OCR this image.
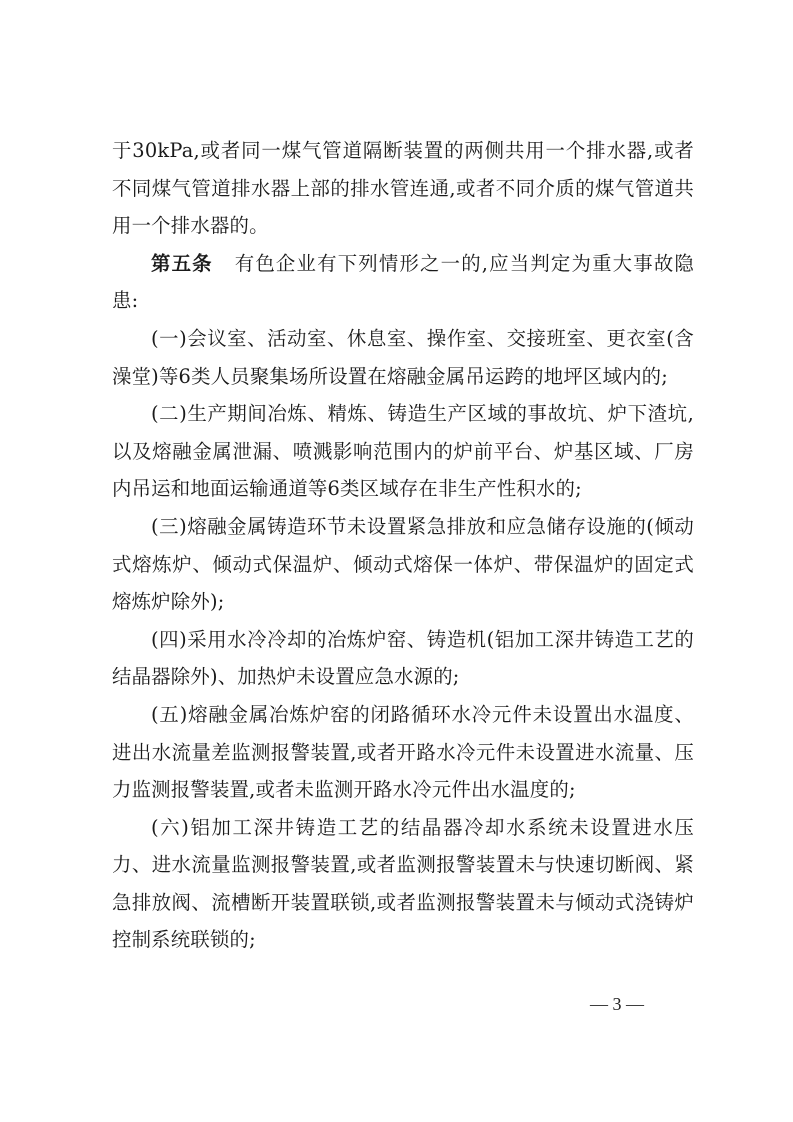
于30kPa,或者同一煤气管道隔断装置的两侧共用一个排水器,或者不同煤气管道排水器上部的排水管连通,或者不同介质的煤气管道共用一个排水器的。

第五条 有色企业有下列情形之一的,应当判定为重大事故隐患:

(一)会议室、活动室、休息室、操作室、交接班室、更衣室(含澡堂)等6类人员聚集场所设置在熔融金属吊运跨的地坪区域内的;

(二)生产期间冶炼、精炼、铸造生产区域的事故坑、炉下渣坑,以及熔融金属泄漏、喷溅影响范围内的炉前平台、炉基区域、厂房内吊运和地面运输通道等6类区域存在非生产性积水的;

(三)熔融金属铸造环节未设置紧急排放和应急储存设施的(倾动式熔炼炉、倾动式保温炉、倾动式熔保一体炉、带保温炉的固定式熔炼炉除外);

(四)采用水冷冷却的冶炼炉窑、铸造机(铝加工深井铸造工艺的结晶器除外)、加热炉未设置应急水源的;

(五)熔融金属冶炼炉窑的闭路循环水冷元件未设置出水温度、进出水流量差监测报警装置,或者开路水冷元件未设置进水流量、压力监测报警装置,或者未监测开路水冷元件出水温度的;

(六)铝加工深井铸造工艺的结晶器冷却水系统未设置进水压力、进水流量监测报警装置,或者监测报警装置未与快速切断阀、紧急排放阀、流槽断开装置联锁,或者监测报警装置未与倾动式浇铸炉控制系统联锁的;

— 3 —
